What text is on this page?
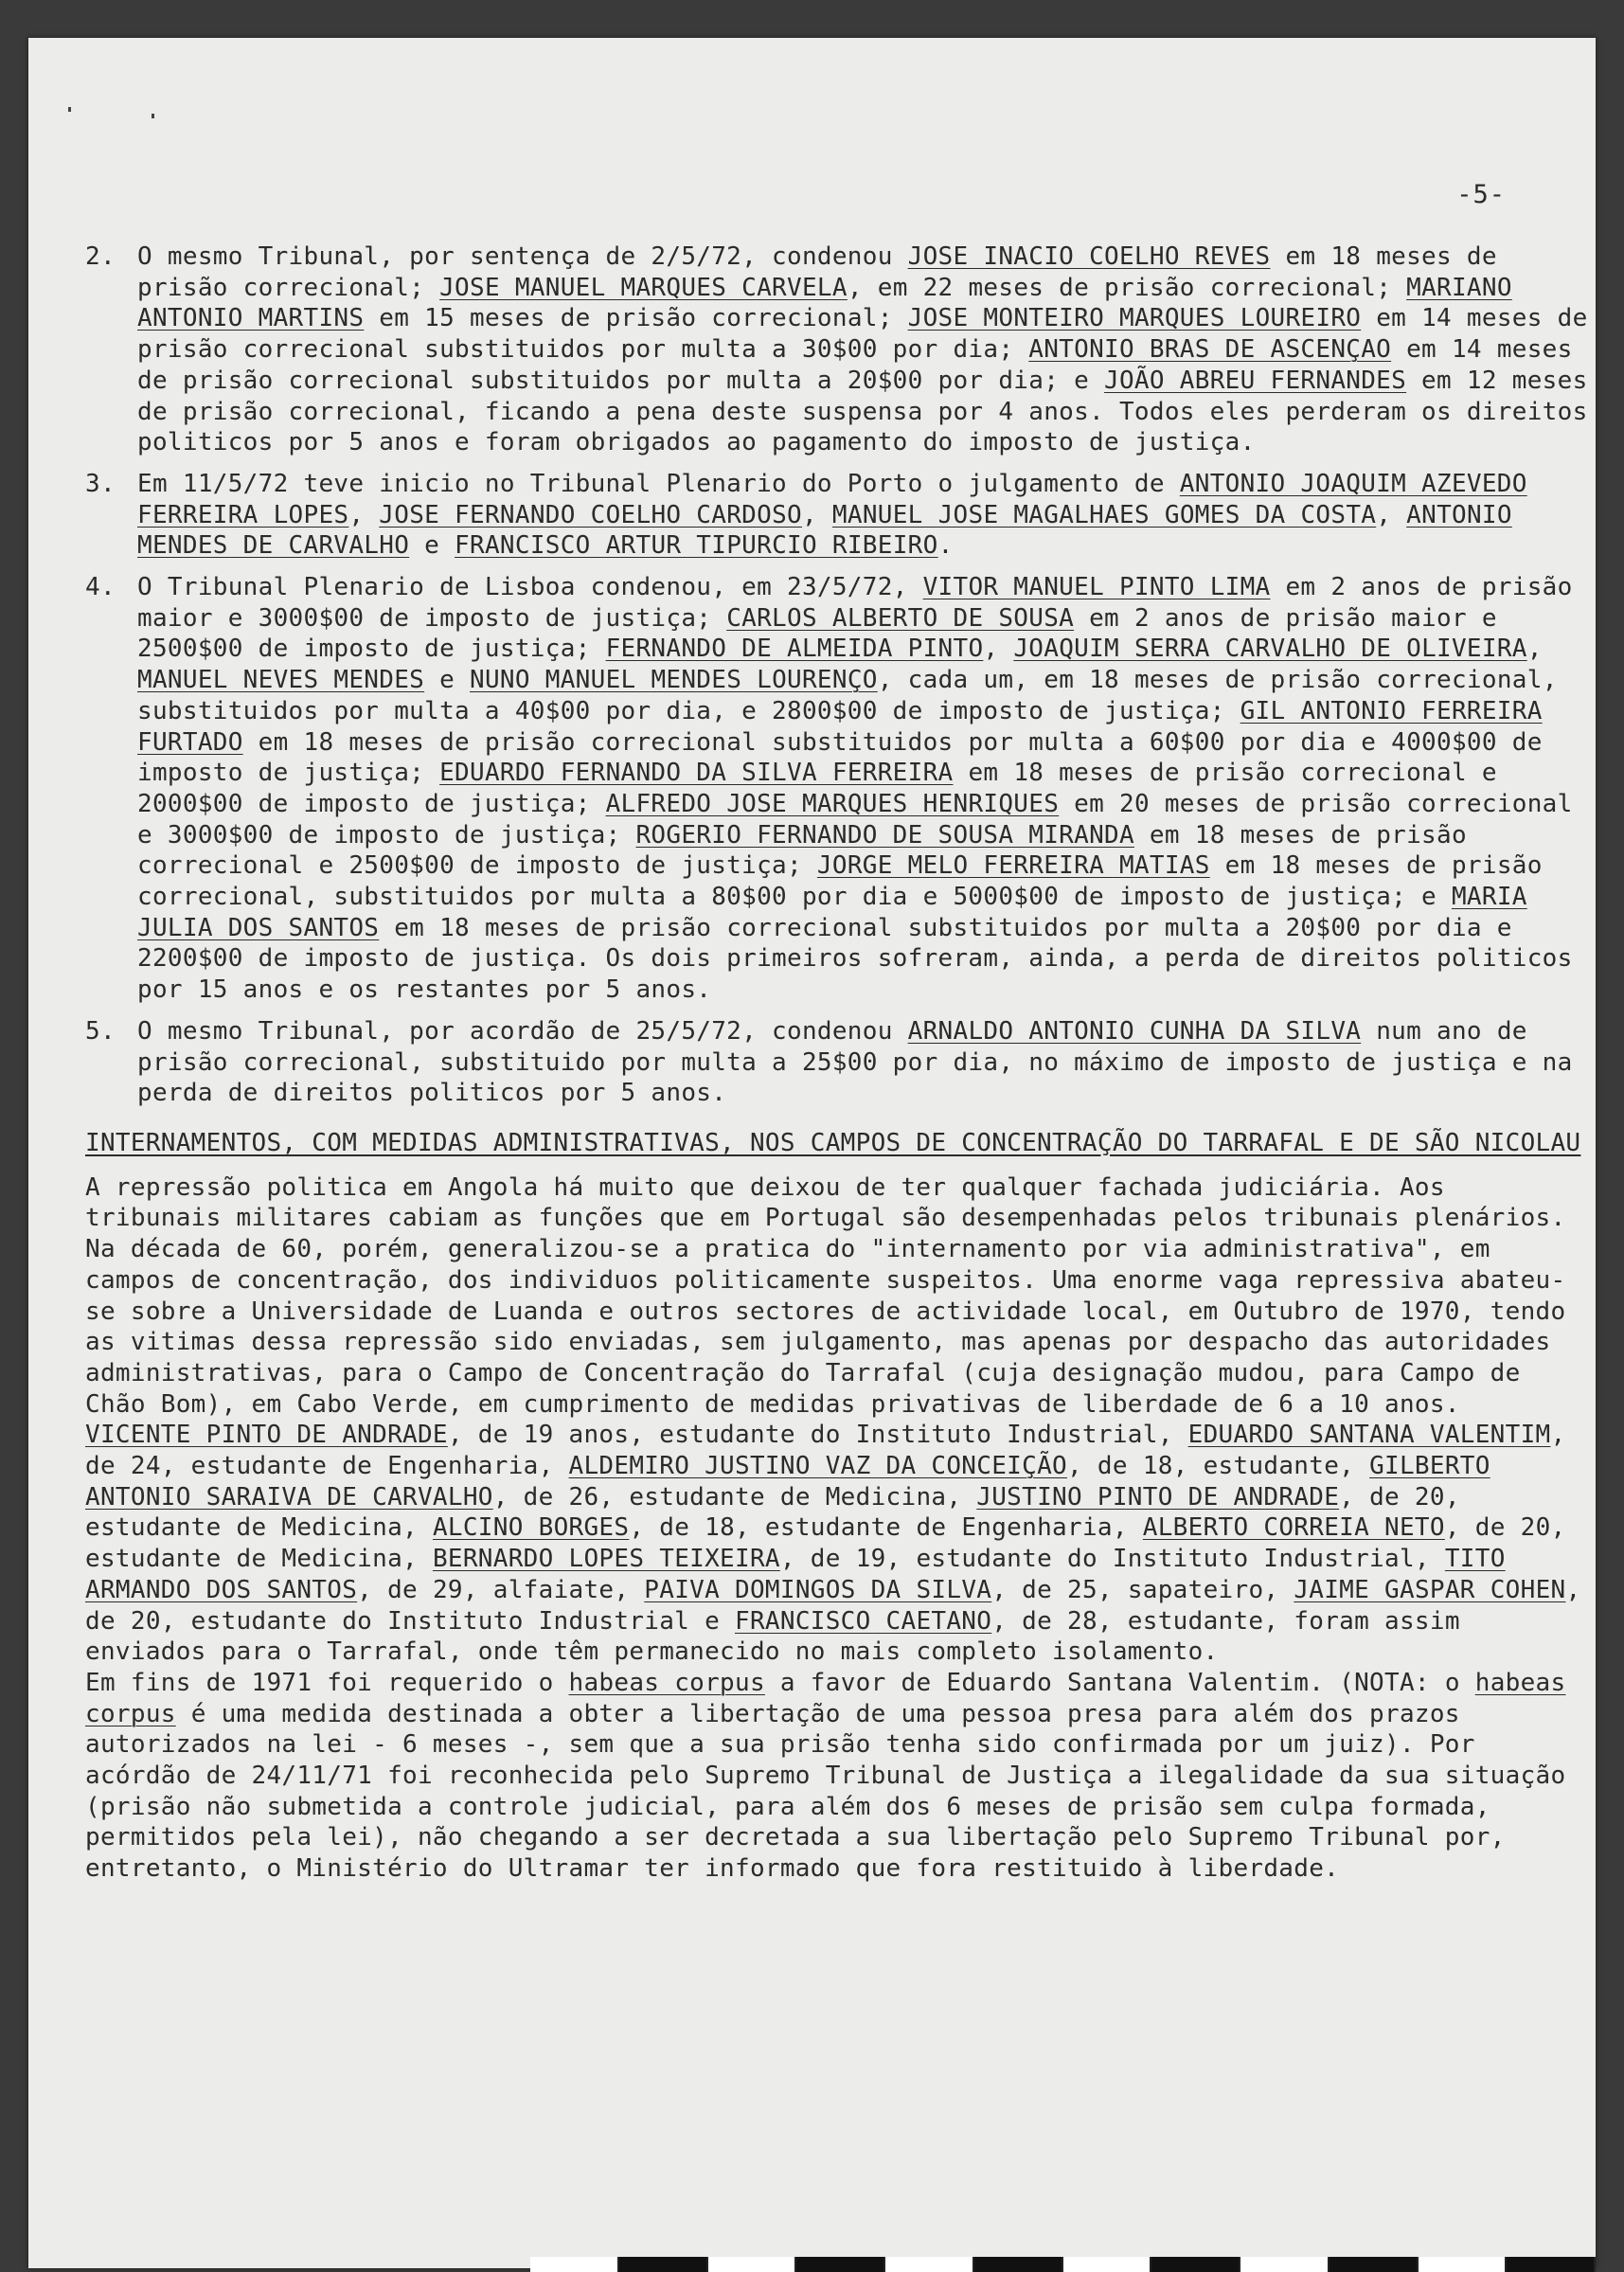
-5-
2. O mesmo Tribunal, por sentença de 2/5/72, condenou JOSE INACIO COELHO REVES em 18 meses de prisão correcional; JOSE MANUEL MARQUES CARVELA, em 22 meses de prisão correcional; MARIANO ANTONIO MARTINS em 15 meses de prisão correcional; JOSE MONTEIRO MARQUES LOUREIRO em 14 meses de prisão correcional substituidos por multa a 30$00 por dia; ANTONIO BRAS DE ASCENÇAO em 14 meses de prisão correcional substituidos por multa a 20$00 por dia; e JOÃO ABREU FERNANDES em 12 meses de prisão correcional, ficando a pena deste suspensa por 4 anos. Todos eles perderam os direitos politicos por 5 anos e foram obrigados ao pagamento do imposto de justiça.
3. Em 11/5/72 teve inicio no Tribunal Plenario do Porto o julgamento de ANTONIO JOAQUIM AZEVEDO FERREIRA LOPES, JOSE FERNANDO COELHO CARDOSO, MANUEL JOSE MAGALHAES GOMES DA COSTA, ANTONIO MENDES DE CARVALHO e FRANCISCO ARTUR TIPURCIO RIBEIRO.
4. O Tribunal Plenario de Lisboa condenou, em 23/5/72, VITOR MANUEL PINTO LIMA em 2 anos de prisão maior e 3000$00 de imposto de justiça; CARLOS ALBERTO DE SOUSA em 2 anos de prisão maior e 2500$00 de imposto de justiça; FERNANDO DE ALMEIDA PINTO, JOAQUIM SERRA CARVALHO DE OLIVEIRA, MANUEL NEVES MENDES e NUNO MANUEL MENDES LOURENÇO, cada um, em 18 meses de prisão correcional, substituidos por multa a 40$00 por dia, e 2800$00 de imposto de justiça; GIL ANTONIO FERREIRA FURTADO em 18 meses de prisão correcional substituidos por multa a 60$00 por dia e 4000$00 de imposto de justiça; EDUARDO FERNANDO DA SILVA FERREIRA em 18 meses de prisão correcional e 2000$00 de imposto de justiça; ALFREDO JOSE MARQUES HENRIQUES em 20 meses de prisão correcional e 3000$00 de imposto de justiça; ROGERIO FERNANDO DE SOUSA MIRANDA em 18 meses de prisão correcional e 2500$00 de imposto de justiça; JORGE MELO FERREIRA MATIAS em 18 meses de prisão correcional, substituidos por multa a 80$00 por dia e 5000$00 de imposto de justiça; e MARIA JULIA DOS SANTOS em 18 meses de prisão correcional substituidos por multa a 20$00 por dia e 2200$00 de imposto de justiça. Os dois primeiros sofreram, ainda, a perda de direitos politicos por 15 anos e os restantes por 5 anos.
5. O mesmo Tribunal, por acordão de 25/5/72, condenou ARNALDO ANTONIO CUNHA DA SILVA num ano de prisão correcional, substituido por multa a 25$00 por dia, no máximo de imposto de justiça e na perda de direitos politicos por 5 anos.
INTERNAMENTOS, COM MEDIDAS ADMINISTRATIVAS, NOS CAMPOS DE CONCENTRAÇÃO DO TARRAFAL E DE SÃO NICOLAU
A repressão politica em Angola há muito que deixou de ter qualquer fachada judiciária. Aos tribunais militares cabiam as funções que em Portugal são desempenhadas pelos tribunais plenários. Na década de 60, porém, generalizou-se a pratica do "internamento por via administrativa", em campos de concentração, dos individuos politicamente suspeitos. Uma enorme vaga repressiva abateu-se sobre a Universidade de Luanda e outros sectores de actividade local, em Outubro de 1970, tendo as vitimas dessa repressão sido enviadas, sem julgamento, mas apenas por despacho das autoridades administrativas, para o Campo de Concentração do Tarrafal (cuja designação mudou, para Campo de Chão Bom), em Cabo Verde, em cumprimento de medidas privativas de liberdade de 6 a 10 anos.
VICENTE PINTO DE ANDRADE, de 19 anos, estudante do Instituto Industrial, EDUARDO SANTANA VALENTIM, de 24, estudante de Engenharia, ALDEMIRO JUSTINO VAZ DA CONCEIÇÃO, de 18, estudante, GILBERTO ANTONIO SARAIVA DE CARVALHO, de 26, estudante de Medicina, JUSTINO PINTO DE ANDRADE, de 20, estudante de Medicina, ALCINO BORGES, de 18, estudante de Engenharia, ALBERTO CORREIA NETO, de 20, estudante de Medicina, BERNARDO LOPES TEIXEIRA, de 19, estudante do Instituto Industrial, TITO ARMANDO DOS SANTOS, de 29, alfaiate, PAIVA DOMINGOS DA SILVA, de 25, sapateiro, JAIME GASPAR COHEN, de 20, estudante do Instituto Industrial e FRANCISCO CAETANO, de 28, estudante, foram assim enviados para o Tarrafal, onde têm permanecido no mais completo isolamento.
Em fins de 1971 foi requerido o habeas corpus a favor de Eduardo Santana Valentim. (NOTA: o habeas corpus é uma medida destinada a obter a libertação de uma pessoa presa para além dos prazos autorizados na lei - 6 meses -, sem que a sua prisão tenha sido confirmada por um juiz). Por acórdão de 24/11/71 foi reconhecida pelo Supremo Tribunal de Justiça a ilegalidade da sua situação (prisão não submetida a controle judicial, para além dos 6 meses de prisão sem culpa formada, permitidos pela lei), não chegando a ser decretada a sua libertação pelo Supremo Tribunal por, entretanto, o Ministério do Ultramar ter informado que fora restituido à liberdade.
